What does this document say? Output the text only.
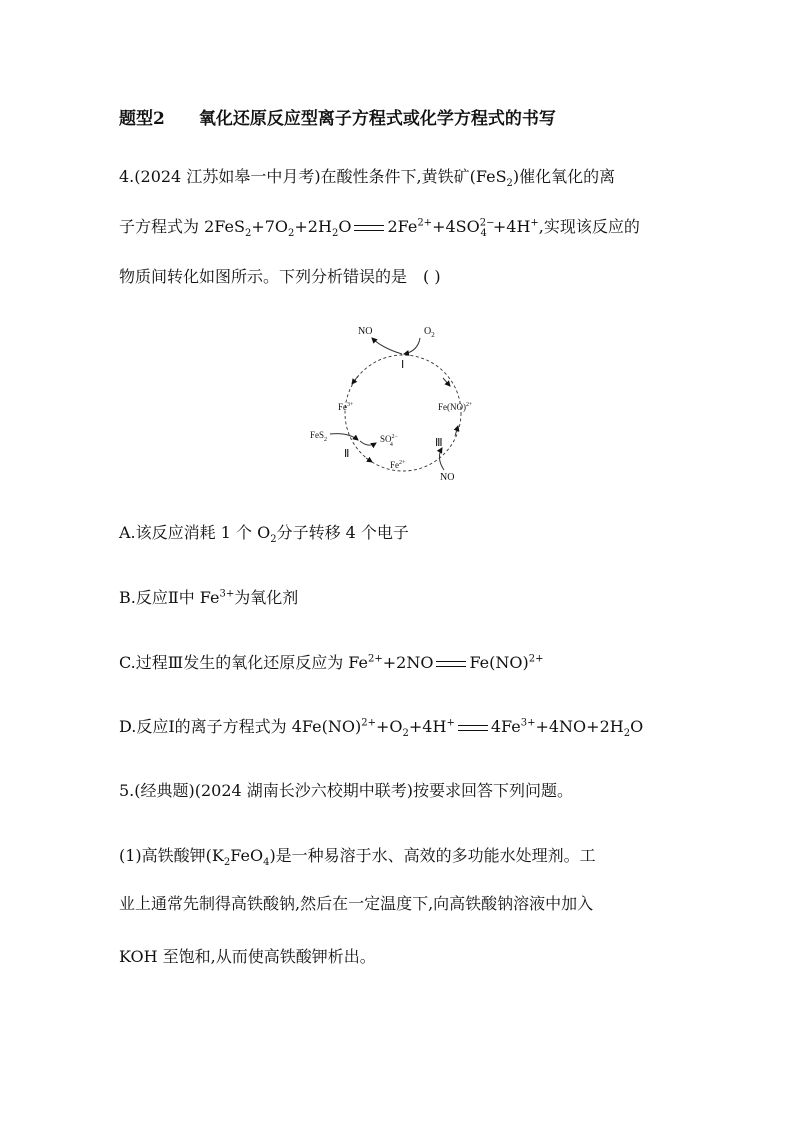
题型2 氧化还原反应型离子方程式或化学方程式的书写
4.(2024 江苏如皋一中月考)在酸性条件下,黄铁矿(FeS$_2$)催化氧化的离
子方程式为 $2FeS_2+7O_2+2H_2O$ $2Fe^{2+}+4SO^{2-}_4 +4H^+$,实现该反应的
物质间转化如图所示。下列分析错误的是 ( )
NO	$O_2$
Ⅰ
$Fe^{3+}$	Fe(NO)$^{2+}$
FeS$_2$	$SO^{2-}$ 4
Ⅱ
$Fe^{2+}$
Ⅲ
NO
A.该反应消耗 1 个 $O_2$分子转移 4 个电子
B.反应Ⅱ中 $Fe^{3+}$为氧化剂
C.过程Ⅲ发生的氧化还原反应为 $Fe^{2+}+2NO$ Fe(NO)$^{2+}$
D.反应Ⅰ的离子方程式为 $4Fe(NO)^{2+}+O_2+4H^+$ $4Fe^{3+}+4NO+2H_2O$
5.(经典题)(2024 湖南长沙六校期中联考)按要求回答下列问题。
(1)高铁酸钾$(K_2FeO_4)$是一种易溶于水、高效的多功能水处理剂。工
业上通常先制得高铁酸钠,然后在一定温度下,向高铁酸钠溶液中加入
KOH 至饱和,从而使高铁酸钾析出。
